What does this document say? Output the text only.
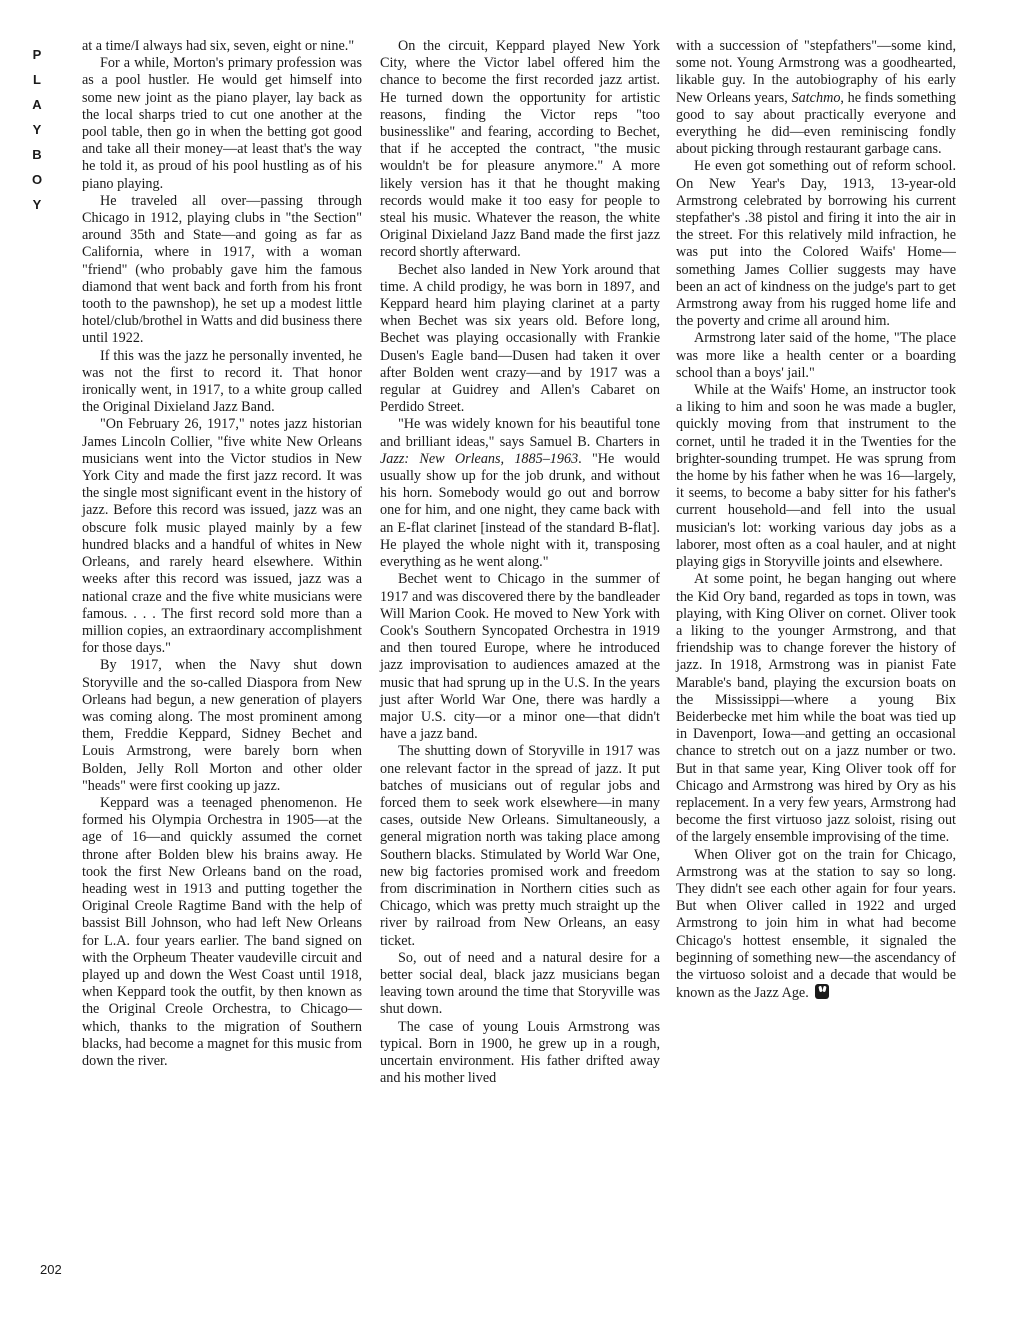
P
L
A
Y
B
O
Y

at a time/I always had six, seven, eight or nine."

For a while, Morton's primary profession was as a pool hustler. He would get himself into some new joint as the piano player, lay back as the local sharps tried to cut one another at the pool table, then go in when the betting got good and take all their money—at least that's the way he told it, as proud of his pool hustling as of his piano playing.

He traveled all over—passing through Chicago in 1912, playing clubs in "the Section" around 35th and State—and going as far as California, where in 1917, with a woman "friend" (who probably gave him the famous diamond that went back and forth from his front tooth to the pawnshop), he set up a modest little hotel/club/brothel in Watts and did business there until 1922.

If this was the jazz he personally invented, he was not the first to record it. That honor ironically went, in 1917, to a white group called the Original Dixieland Jazz Band.

"On February 26, 1917," notes jazz historian James Lincoln Collier, "five white New Orleans musicians went into the Victor studios in New York City and made the first jazz record. It was the single most significant event in the history of jazz. Before this record was issued, jazz was an obscure folk music played mainly by a few hundred blacks and a handful of whites in New Orleans, and rarely heard elsewhere. Within weeks after this record was issued, jazz was a national craze and the five white musicians were famous. . . . The first record sold more than a million copies, an extraordinary accomplishment for those days."

By 1917, when the Navy shut down Storyville and the so-called Diaspora from New Orleans had begun, a new generation of players was coming along. The most prominent among them, Freddie Keppard, Sidney Bechet and Louis Armstrong, were barely born when Bolden, Jelly Roll Morton and other older "heads" were first cooking up jazz.

Keppard was a teenaged phenomenon. He formed his Olympia Orchestra in 1905—at the age of 16—and quickly assumed the cornet throne after Bolden blew his brains away. He took the first New Orleans band on the road, heading west in 1913 and putting together the Original Creole Ragtime Band with the help of bassist Bill Johnson, who had left New Orleans for L.A. four years earlier. The band signed on with the Orpheum Theater vaudeville circuit and played up and down the West Coast until 1918, when Keppard took the outfit, by then known as the Original Creole Orchestra, to Chicago—which, thanks to the migration of Southern blacks, had become a magnet for this music from down the river.

On the circuit, Keppard played New York City, where the Victor label offered him the chance to become the first recorded jazz artist. He turned down the opportunity for artistic reasons, finding the Victor reps "too businesslike" and fearing, according to Bechet, that if he accepted the contract, "the music wouldn't be for pleasure anymore." A more likely version has it that he thought making records would make it too easy for people to steal his music. Whatever the reason, the white Original Dixieland Jazz Band made the first jazz record shortly afterward.

Bechet also landed in New York around that time. A child prodigy, he was born in 1897, and Keppard heard him playing clarinet at a party when Bechet was six years old. Before long, Bechet was playing occasionally with Frankie Dusen's Eagle band—Dusen had taken it over after Bolden went crazy—and by 1917 was a regular at Guidrey and Allen's Cabaret on Perdido Street.

"He was widely known for his beautiful tone and brilliant ideas," says Samuel B. Charters in Jazz: New Orleans, 1885–1963. "He would usually show up for the job drunk, and without his horn. Somebody would go out and borrow one for him, and one night, they came back with an E-flat clarinet [instead of the standard B-flat]. He played the whole night with it, transposing everything as he went along."

Bechet went to Chicago in the summer of 1917 and was discovered there by the bandleader Will Marion Cook. He moved to New York with Cook's Southern Syncopated Orchestra in 1919 and then toured Europe, where he introduced jazz improvisation to audiences amazed at the music that had sprung up in the U.S. In the years just after World War One, there was hardly a major U.S. city—or a minor one—that didn't have a jazz band.

The shutting down of Storyville in 1917 was one relevant factor in the spread of jazz. It put batches of musicians out of regular jobs and forced them to seek work elsewhere—in many cases, outside New Orleans. Simultaneously, a general migration north was taking place among Southern blacks. Stimulated by World War One, new big factories promised work and freedom from discrimination in Northern cities such as Chicago, which was pretty much straight up the river by railroad from New Orleans, an easy ticket.

So, out of need and a natural desire for a better social deal, black jazz musicians began leaving town around the time that Storyville was shut down.

The case of young Louis Armstrong was typical. Born in 1900, he grew up in a rough, uncertain environment. His father drifted away and his mother lived

with a succession of "stepfathers"—some kind, some not. Young Armstrong was a goodhearted, likable guy. In the autobiography of his early New Orleans years, Satchmo, he finds something good to say about practically everyone and everything he did—even reminiscing fondly about picking through restaurant garbage cans.

He even got something out of reform school. On New Year's Day, 1913, 13-year-old Armstrong celebrated by borrowing his current stepfather's .38 pistol and firing it into the air in the street. For this relatively mild infraction, he was put into the Colored Waifs' Home—something James Collier suggests may have been an act of kindness on the judge's part to get Armstrong away from his rugged home life and the poverty and crime all around him.

Armstrong later said of the home, "The place was more like a health center or a boarding school than a boys' jail."

While at the Waifs' Home, an instructor took a liking to him and soon he was made a bugler, quickly moving from that instrument to the cornet, until he traded it in the Twenties for the brighter-sounding trumpet. He was sprung from the home by his father when he was 16—largely, it seems, to become a baby sitter for his father's current household—and fell into the usual musician's lot: working various day jobs as a laborer, most often as a coal hauler, and at night playing gigs in Storyville joints and elsewhere.

At some point, he began hanging out where the Kid Ory band, regarded as tops in town, was playing, with King Oliver on cornet. Oliver took a liking to the younger Armstrong, and that friendship was to change forever the history of jazz. In 1918, Armstrong was in pianist Fate Marable's band, playing the excursion boats on the Mississippi—where a young Bix Beiderbecke met him while the boat was tied up in Davenport, Iowa—and getting an occasional chance to stretch out on a jazz number or two. But in that same year, King Oliver took off for Chicago and Armstrong was hired by Ory as his replacement. In a very few years, Armstrong had become the first virtuoso jazz soloist, rising out of the largely ensemble improvising of the time.

When Oliver got on the train for Chicago, Armstrong was at the station to say so long. They didn't see each other again for four years. But when Oliver called in 1922 and urged Armstrong to join him in what had become Chicago's hottest ensemble, it signaled the beginning of something new—the ascendancy of the virtuoso soloist and a decade that would be known as the Jazz Age.

202
